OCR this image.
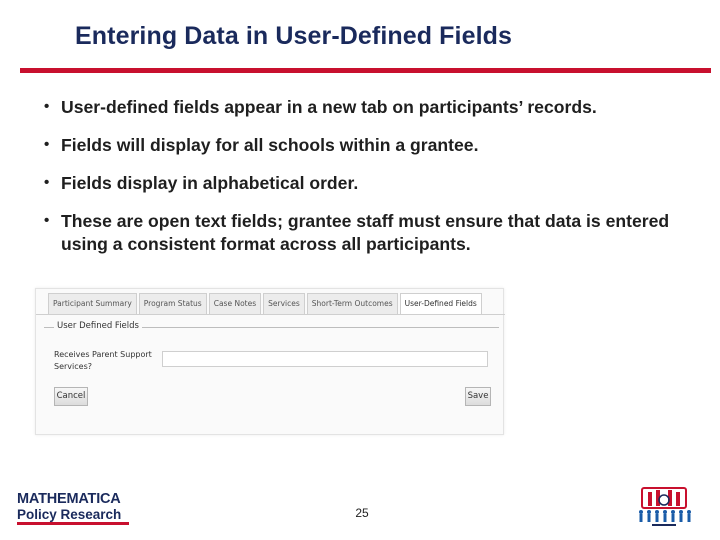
Entering Data in User-Defined Fields
• User-defined fields appear in a new tab on participants’ records.
• Fields will display for all schools within a grantee.
• Fields display in alphabetical order.
• These are open text fields; grantee staff must ensure that data is entered using a consistent format across all participants.
Participant Summary	Program Status	Case Notes	Services	Short-Term Outcomes	User-Defined Fields
User Defined Fields
Receives Parent Support Services?
Cancel	Save
25
MATHEMATICA
Policy Research
